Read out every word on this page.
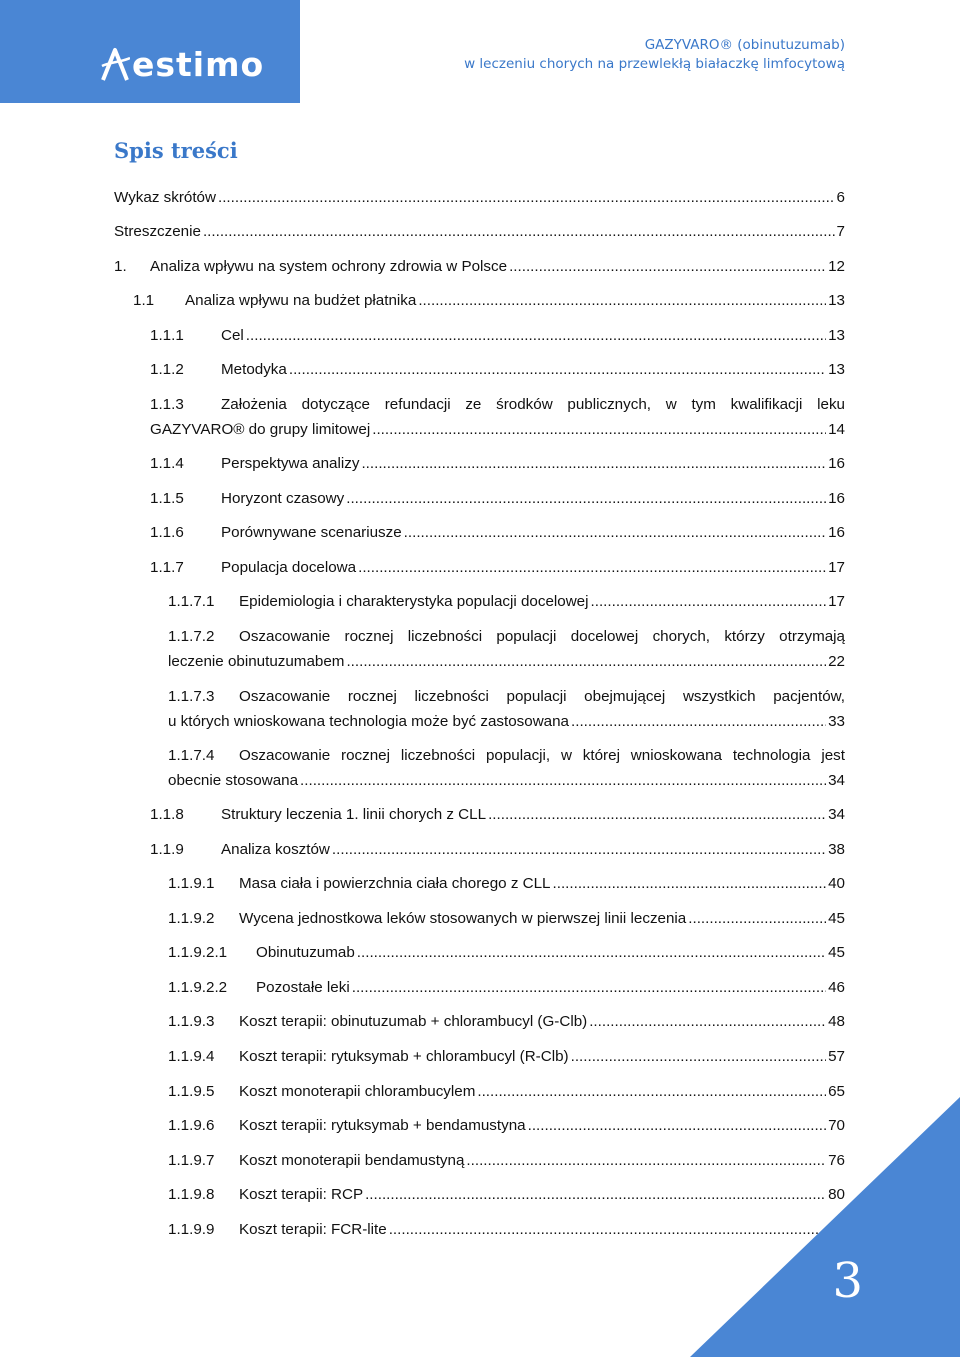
estimo	GAZYVARO® (obinutuzumab)
w leczeniu chorych na przewlekłą białaczkę limfocytową
Spis treści
Wykaz skrótów .....	6
Streszczenie .....	7
1.	Analiza wpływu na system ochrony zdrowia w Polsce .....	12
1.1	Analiza wpływu na budżet płatnika .....	13
1.1.1	Cel .....	13
1.1.2	Metodyka .....	13
1.1.3	Założenia dotyczące refundacji ze środków publicznych, w tym kwalifikacji leku
GAZYVARO® do grupy limitowej .....	14
1.1.4	Perspektywa analizy .....	16
1.1.5	Horyzont czasowy .....	16
1.1.6	Porównywane scenariusze .....	16
1.1.7	Populacja docelowa .....	17
1.1.7.1	Epidemiologia i charakterystyka populacji docelowej .....	17
1.1.7.2	Oszacowanie rocznej liczebności populacji docelowej chorych, którzy otrzymają
leczenie obinutuzumabem .....	22
1.1.7.3	Oszacowanie rocznej liczebności populacji obejmującej wszystkich pacjentów,
u których wnioskowana technologia może być zastosowana .....	33
1.1.7.4	Oszacowanie rocznej liczebności populacji, w której wnioskowana technologia jest
obecnie stosowana .....	34
1.1.8	Struktury leczenia 1. linii chorych z CLL .....	34
1.1.9	Analiza kosztów .....	38
1.1.9.1	Masa ciała i powierzchnia ciała chorego z CLL .....	40
1.1.9.2	Wycena jednostkowa leków stosowanych w pierwszej linii leczenia .....	45
1.1.9.2.1	Obinutuzumab .....	45
1.1.9.2.2	Pozostałe leki .....	46
1.1.9.3	Koszt terapii: obinutuzumab + chlorambucyl (G-Clb) .....	48
1.1.9.4	Koszt terapii: rytuksymab + chlorambucyl (R-Clb) .....	57
1.1.9.5	Koszt monoterapii chlorambucylem .....	65
1.1.9.6	Koszt terapii: rytuksymab + bendamustyna .....	70
1.1.9.7	Koszt monoterapii bendamustyną .....	76
1.1.9.8	Koszt terapii: RCP .....	80
1.1.9.9	Koszt terapii: FCR-lite .....	87
3
